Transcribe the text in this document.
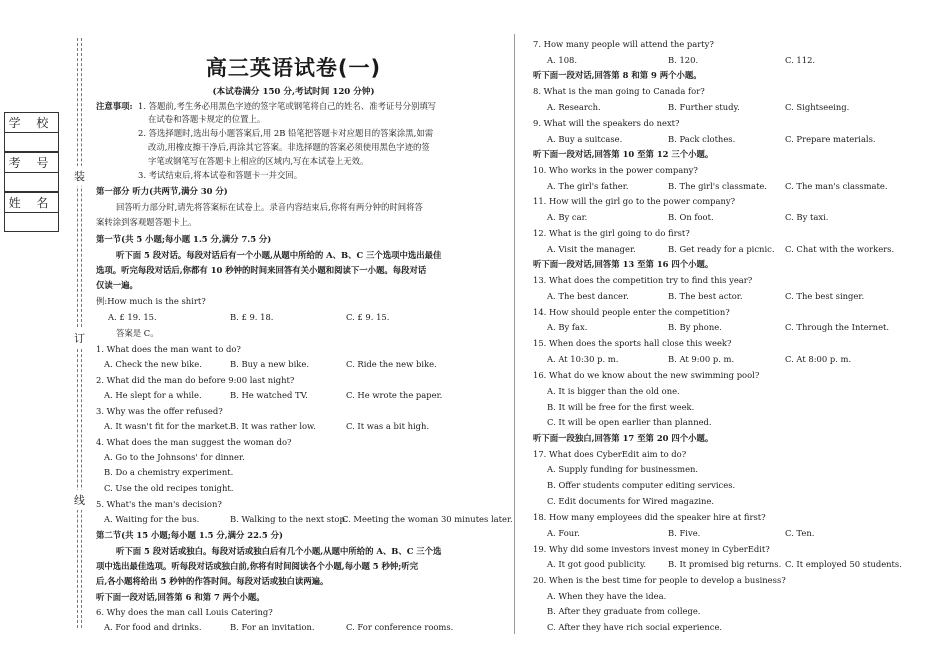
学 校
考 号
姓 名
装
订
线
高三英语试卷(一)
(本试卷满分 150 分,考试时间 120 分钟)
注意事项: 1. 答题前,考生务必用黑色字迹的签字笔或钢笔将自己的姓名、准考证号分别填写
在试卷和答题卡规定的位置上。
2. 答选择题时,选出每小题答案后,用 2B 铅笔把答题卡对应题目的答案涂黑,如需
改动,用橡皮擦干净后,再涂其它答案。非选择题的答案必须使用黑色字迹的签
字笔或钢笔写在答题卡上相应的区域内,写在本试卷上无效。
3. 考试结束后,将本试卷和答题卡一并交回。
第一部分 听力(共两节,满分 30 分)
回答听力部分时,请先将答案标在试卷上。录音内容结束后,你将有两分钟的时间将答
案转涂到客观题答题卡上。
第一节(共 5 小题;每小题 1.5 分,满分 7.5 分)
听下面 5 段对话。每段对话后有一个小题,从题中所给的 A、B、C 三个选项中选出最佳
选项。听完每段对话后,你都有 10 秒钟的时间来回答有关小题和阅读下一小题。每段对话
仅读一遍。
例:How much is the shirt?
A. £ 19. 15.	B. £ 9. 18.	C. £ 9. 15.
答案是 C。
1. What does the man want to do?
A. Check the new bike.	B. Buy a new bike.	C. Ride the new bike.
2. What did the man do before 9:00 last night?
A. He slept for a while.	B. He watched TV.	C. He wrote the paper.
3. Why was the offer refused?
A. It wasn't fit for the market. B. It was rather low.	C. It was a bit high.
4. What does the man suggest the woman do?
A. Go to the Johnsons' for dinner.
B. Do a chemistry experiment.
C. Use the old recipes tonight.
5. What's the man's decision?
A. Waiting for the bus.	B. Walking to the next stop.
C. Meeting the woman 30 minutes later.
第二节(共 15 小题;每小题 1.5 分,满分 22.5 分)
听下面 5 段对话或独白。每段对话或独白后有几个小题,从题中所给的 A、B、C 三个选
项中选出最佳选项。听每段对话或独白前,你将有时间阅读各个小题,每小题 5 秒钟;听完
后,各小题将给出 5 秒钟的作答时间。每段对话或独白读两遍。
听下面一段对话,回答第 6 和第 7 两个小题。
6. Why does the man call Louis Catering?
A. For food and drinks.	B. For an invitation.	C. For conference rooms.
7. How many people will attend the party?
A. 108.	B. 120.	C. 112.
听下面一段对话,回答第 8 和第 9 两个小题。
8. What is the man going to Canada for?
A. Research.	B. Further study.	C. Sightseeing.
9. What will the speakers do next?
A. Buy a suitcase.	B. Pack clothes.	C. Prepare materials.
听下面一段对话,回答第 10 至第 12 三个小题。
10. Who works in the power company?
A. The girl's father.	B. The girl's classmate. C. The man's classmate.
11. How will the girl go to the power company?
A. By car.	B. On foot.	C. By taxi.
12. What is the girl going to do first?
A. Visit the manager.	B. Get ready for a picnic. C. Chat with the workers.
听下面一段对话,回答第 13 至第 16 四个小题。
13. What does the competition try to find this year?
A. The best dancer.	B. The best actor.	C. The best singer.
14. How should people enter the competition?
A. By fax.	B. By phone.	C. Through the Internet.
15. When does the sports hall close this week?
A. At 10:30 p. m.	B. At 9:00 p. m.	C. At 8:00 p. m.
16. What do we know about the new swimming pool?
A. It is bigger than the old one.
B. It will be free for the first week.
C. It will be open earlier than planned.
听下面一段独白,回答第 17 至第 20 四个小题。
17. What does CyberEdit aim to do?
A. Supply funding for businessmen.
B. Offer students computer editing services.
C. Edit documents for Wired magazine.
18. How many employees did the speaker hire at first?
A. Four.	B. Five.	C. Ten.
19. Why did some investors invest money in CyberEdit?
A. It got good publicity.	B. It promised big returns. C. It employed 50 students.
20. When is the best time for people to develop a business?
A. When they have the idea.
B. After they graduate from college.
C. After they have rich social experience.
